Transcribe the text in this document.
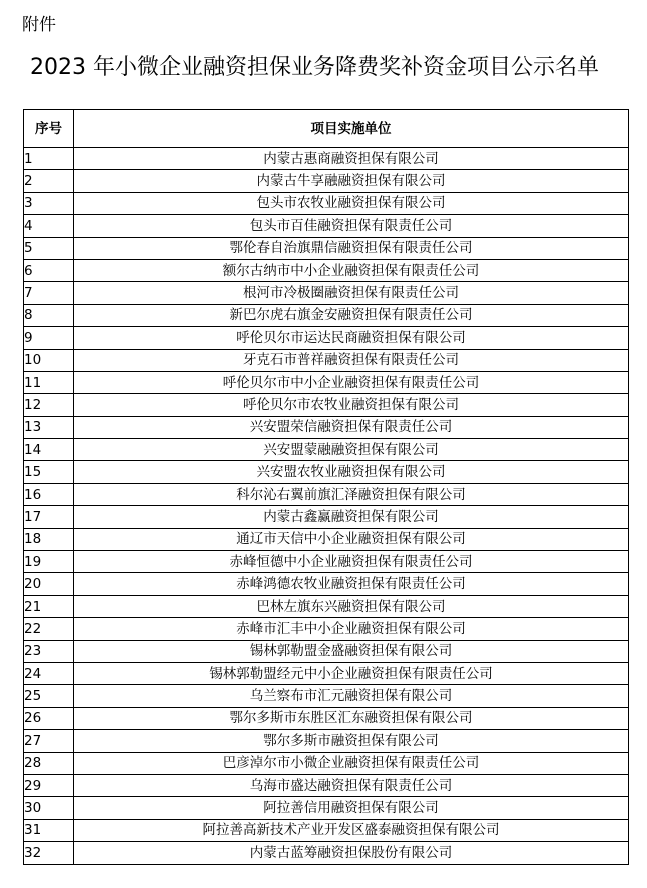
附件
2023 年小微企业融资担保业务降费奖补资金项目公示名单
序号	项目实施单位
1	内蒙古惠商融资担保有限公司
2	内蒙古牛享融融资担保有限公司
3	包头市农牧业融资担保有限公司
4	包头市百佳融资担保有限责任公司
5	鄂伦春自治旗鼎信融资担保有限责任公司
6	额尔古纳市中小企业融资担保有限责任公司
7	根河市冷极圈融资担保有限责任公司
8	新巴尔虎右旗金安融资担保有限责任公司
9	呼伦贝尔市运达民商融资担保有限公司
10	牙克石市普祥融资担保有限责任公司
11	呼伦贝尔市中小企业融资担保有限责任公司
12	呼伦贝尔市农牧业融资担保有限公司
13	兴安盟荣信融资担保有限责任公司
14	兴安盟蒙融融资担保有限公司
15	兴安盟农牧业融资担保有限公司
16	科尔沁右翼前旗汇泽融资担保有限公司
17	内蒙古鑫赢融资担保有限公司
18	通辽市天信中小企业融资担保有限公司
19	赤峰恒德中小企业融资担保有限责任公司
20	赤峰鸿德农牧业融资担保有限责任公司
21	巴林左旗东兴融资担保有限公司
22	赤峰市汇丰中小企业融资担保有限公司
23	锡林郭勒盟金盛融资担保有限公司
24	锡林郭勒盟经元中小企业融资担保有限责任公司
25	乌兰察布市汇元融资担保有限公司
26	鄂尔多斯市东胜区汇东融资担保有限公司
27	鄂尔多斯市融资担保有限公司
28	巴彦淖尔市小微企业融资担保有限责任公司
29	乌海市盛达融资担保有限责任公司
30	阿拉善信用融资担保有限公司
31	阿拉善高新技术产业开发区盛泰融资担保有限公司
32	内蒙古蓝筹融资担保股份有限公司
